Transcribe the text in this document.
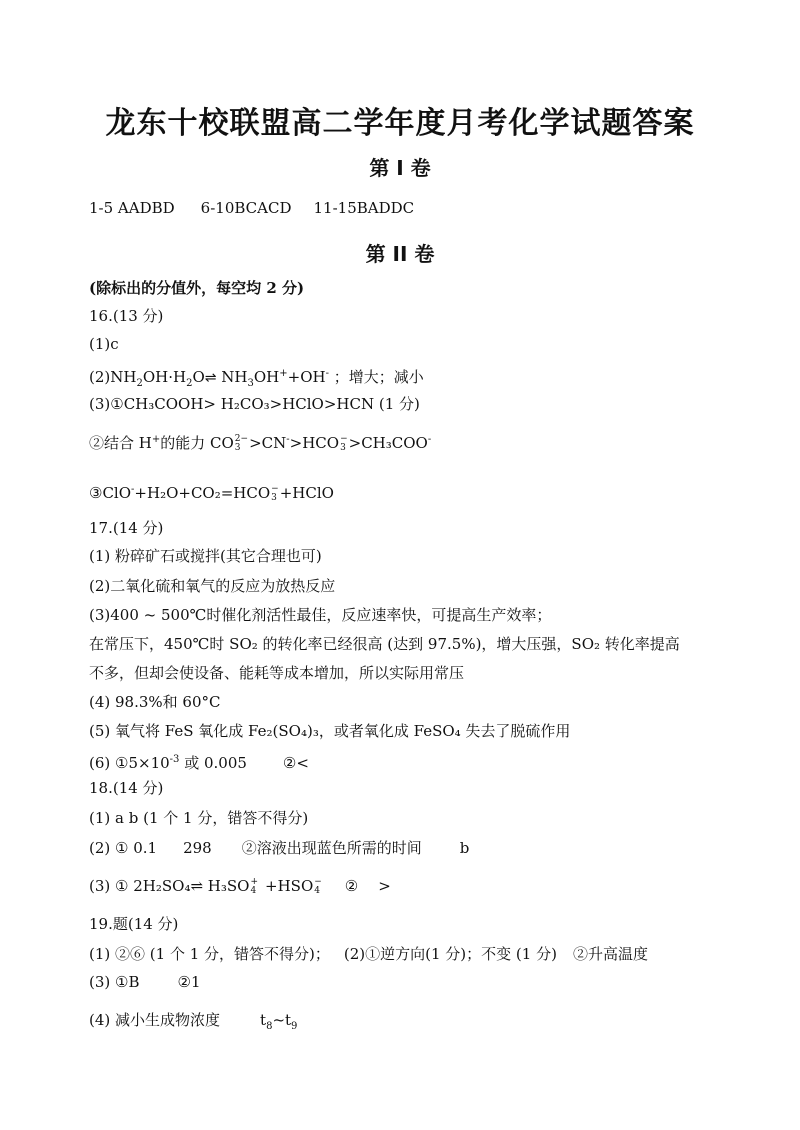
龙东十校联盟高二学年度月考化学试题答案
第 I 卷
1-5 AADBD 6-10BCACD 11-15BADDC
第 II 卷
(除标出的分值外，每空均 2 分)
16.(13 分)
(1)c
$(2)NH_2OH\cdot H_2O\rightleftharpoons$ $NH_3OH^++OH^-$ ；增大；减小
(3)①CH₃COOH> H₂CO₃>HClO>HCN (1 分)
②结合 H+的能力 CO 2−
3 >CN->HCO −
3 >CH₃COO-
③ClO-+H₂O+CO₂=HCO −
3 +HClO
17.(14 分)
(1) 粉碎矿石或搅拌(其它合理也可)
(2)二氧化硫和氧气的反应为放热反应
(3)400 ~ 500℃时催化剂活性最佳，反应速率快，可提高生产效率；
在常压下，450℃时 SO₂ 的转化率已经很高 (达到 97.5%)，增大压强，SO₂ 转化率提高
不多，但却会使设备、能耗等成本增加，所以实际用常压
(4) 98.3%和 60°C
(5) 氧气将 FeS 氧化成 Fe₂(SO₄)₃，或者氧化成 FeSO₄ 失去了脱硫作用
(6) $①5\times 10^{-3}$ 或 0.005 ②<
18.(14 分)
(1) a b (1 个 1 分，错答不得分)
(2) ① 0.1 298 ②溶液出现蓝色所需的时间	b
(3) ① 2H₂SO₄⇌ H₃SO +
4 +HSO −
4 ② >
19.题(14 分)
(1) ②⑥ (1 个 1 分，错答不得分)； (2)①逆方向(1 分)；不变 (1 分) ②升高温度
(3) ①B	②1
(4) 减小生成物浓度	$t_8\sim t_9$
